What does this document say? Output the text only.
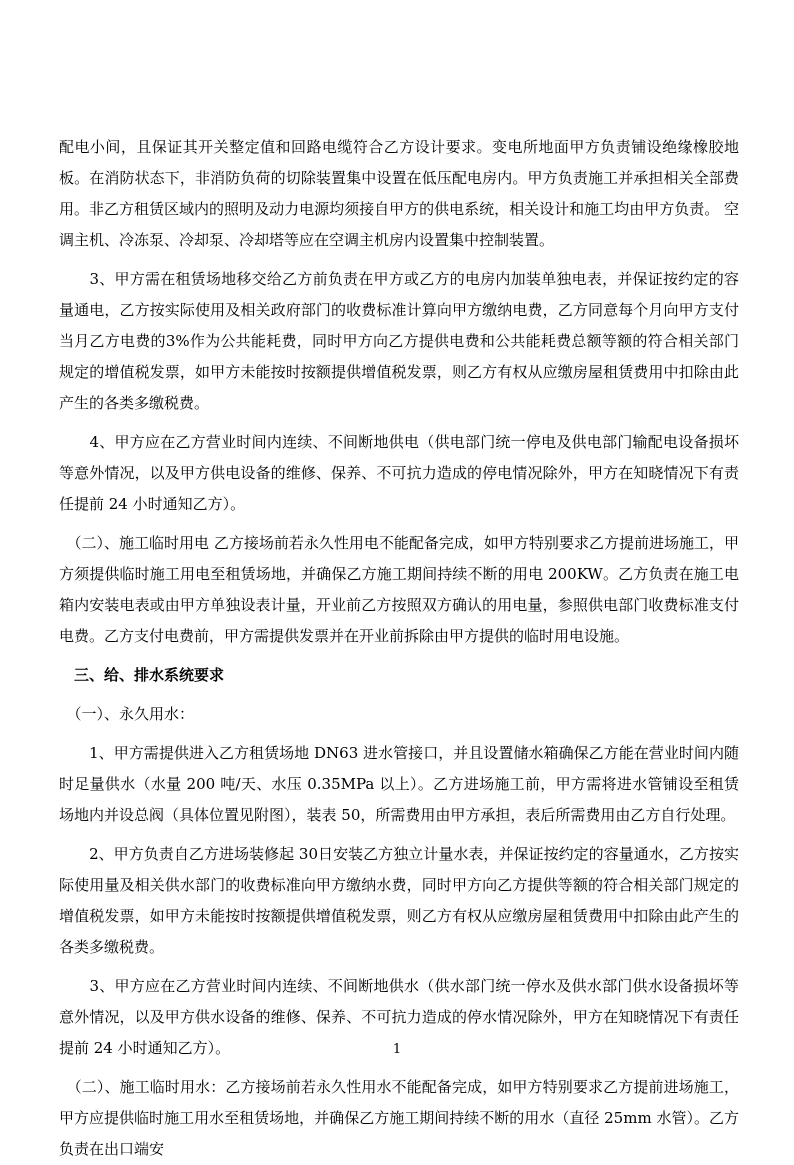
配电小间，且保证其开关整定值和回路电缆符合乙方设计要求。变电所地面甲方负责铺设绝缘橡胶地板。在消防状态下，非消防负荷的切除装置集中设置在低压配电房内。甲方负责施工并承担相关全部费用。非乙方租赁区域内的照明及动力电源均须接自甲方的供电系统，相关设计和施工均由甲方负责。 空调主机、冷冻泵、冷却泵、冷却塔等应在空调主机房内设置集中控制装置。

　　3、甲方需在租赁场地移交给乙方前负责在甲方或乙方的电房内加装单独电表，并保证按约定的容量通电，乙方按实际使用及相关政府部门的收费标准计算向甲方缴纳电费，乙方同意每个月向甲方支付当月乙方电费的3%作为公共能耗费，同时甲方向乙方提供电费和公共能耗费总额等额的符合相关部门规定的增值税发票，如甲方未能按时按额提供增值税发票，则乙方有权从应缴房屋租赁费用中扣除由此产生的各类多缴税费。

　　4、甲方应在乙方营业时间内连续、不间断地供电（供电部门统一停电及供电部门输配电设备损坏等意外情况，以及甲方供电设备的维修、保养、不可抗力造成的停电情况除外，甲方在知晓情况下有责任提前 24 小时通知乙方）。

　（二）、施工临时用电 乙方接场前若永久性用电不能配备完成，如甲方特别要求乙方提前进场施工，甲方须提供临时施工用电至租赁场地，并确保乙方施工期间持续不断的用电 200KW。乙方负责在施工电箱内安装电表或由甲方单独设表计量，开业前乙方按照双方确认的用电量，参照供电部门收费标准支付电费。乙方支付电费前，甲方需提供发票并在开业前拆除由甲方提供的临时用电设施。

　三、给、排水系统要求

　（一）、永久用水：

　　1、甲方需提供进入乙方租赁场地 DN63 进水管接口，并且设置储水箱确保乙方能在营业时间内随时足量供水（水量 200 吨/天、水压 0.35MPa 以上）。乙方进场施工前，甲方需将进水管铺设至租赁场地内并设总阀（具体位置见附图），装表 50，所需费用由甲方承担，表后所需费用由乙方自行处理。

　　2、甲方负责自乙方进场装修起 30日安装乙方独立计量水表，并保证按约定的容量通水，乙方按实际使用量及相关供水部门的收费标准向甲方缴纳水费，同时甲方向乙方提供等额的符合相关部门规定的增值税发票，如甲方未能按时按额提供增值税发票，则乙方有权从应缴房屋租赁费用中扣除由此产生的各类多缴税费。

　　3、甲方应在乙方营业时间内连续、不间断地供水（供水部门统一停水及供水部门供水设备损坏等意外情况，以及甲方供水设备的维修、保养、不可抗力造成的停水情况除外，甲方在知晓情况下有责任提前 24 小时通知乙方）。

　（二）、施工临时用水：乙方接场前若永久性用水不能配备完成，如甲方特别要求乙方提前进场施工，甲方应提供临时施工用水至租赁场地，并确保乙方施工期间持续不断的用水（直径 25mm 水管）。乙方负责在出口端安

1
